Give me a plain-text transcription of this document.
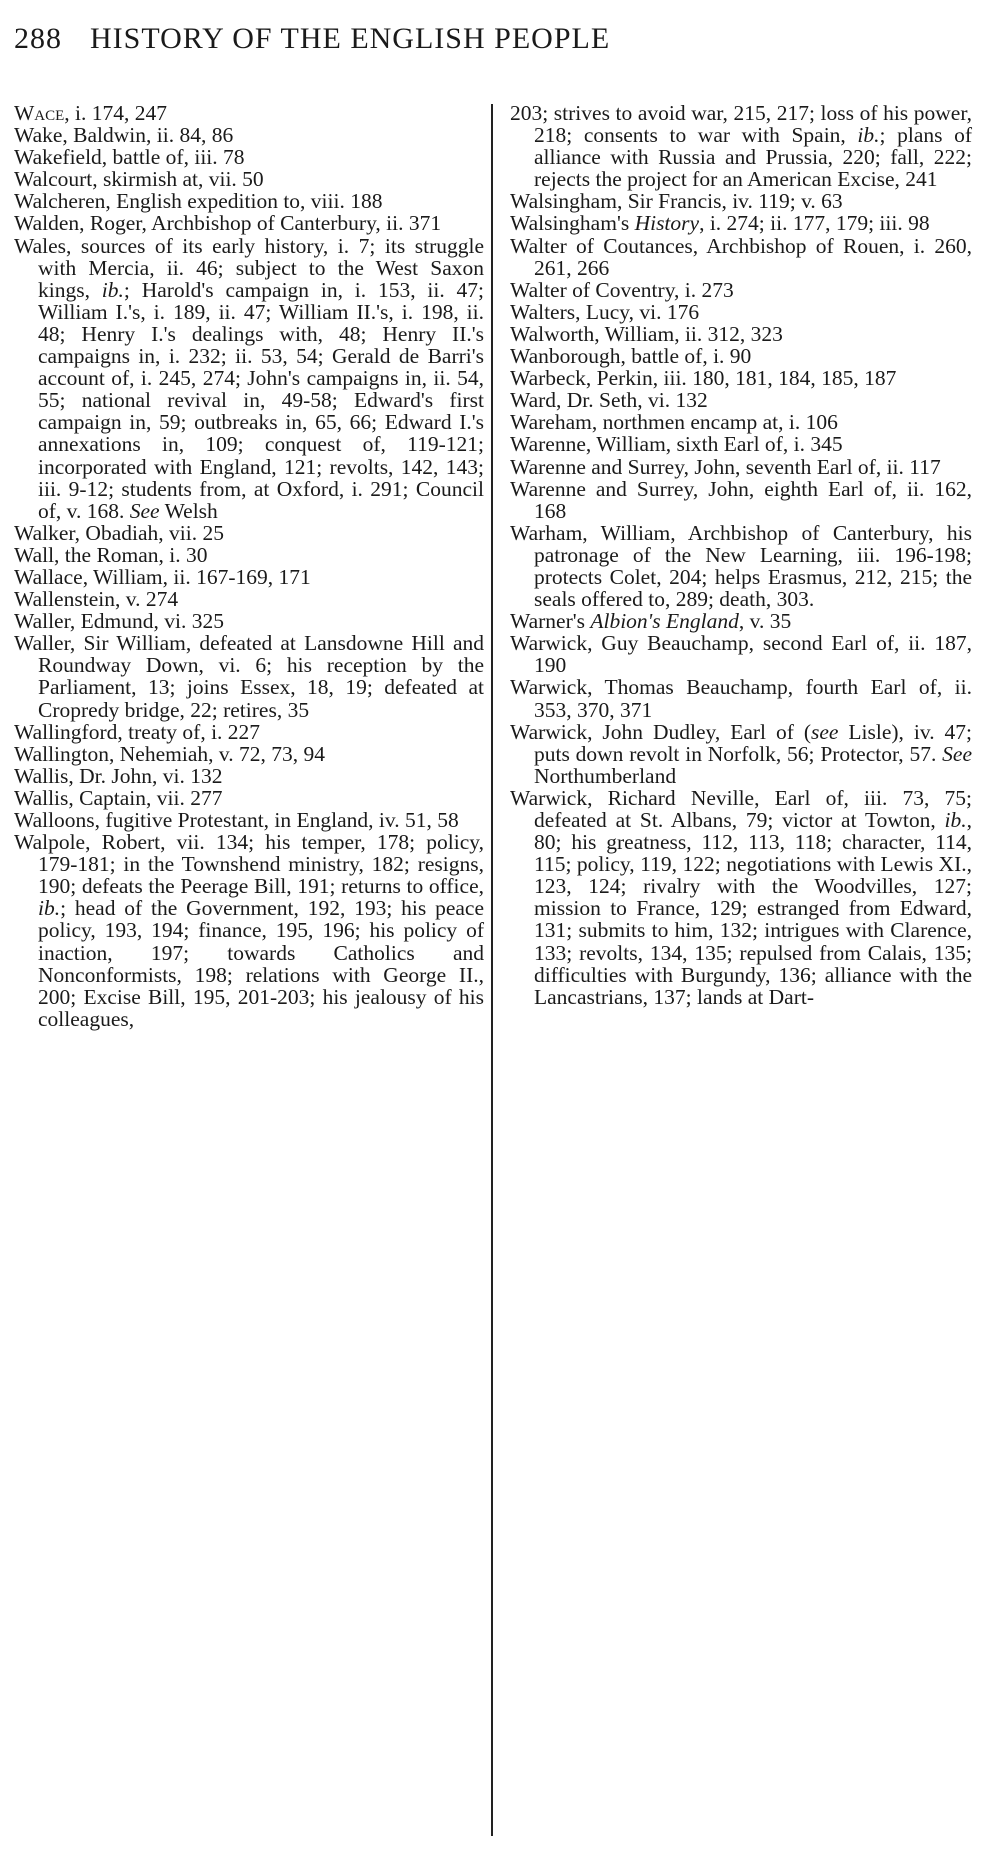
288 HISTORY OF THE ENGLISH PEOPLE

Wace, i. 174, 247

Wake, Baldwin, ii. 84, 86

Wakefield, battle of, iii. 78

Walcourt, skirmish at, vii. 50

Walcheren, English expedition to, viii. 188

Walden, Roger, Archbishop of Canterbury, ii. 371

Wales, sources of its early history, i. 7; its struggle with Mercia, ii. 46; subject to the West Saxon kings, ib.; Harold's campaign in, i. 153, ii. 47; William I.'s, i. 189, ii. 47; William II.'s, i. 198, ii. 48; Henry I.'s dealings with, 48; Henry II.'s campaigns in, i. 232; ii. 53, 54; Gerald de Barri's account of, i. 245, 274; John's campaigns in, ii. 54, 55; national revival in, 49-58; Edward's first campaign in, 59; outbreaks in, 65, 66; Edward I.'s annexations in, 109; conquest of, 119-121; incorporated with England, 121; revolts, 142, 143; iii. 9-12; students from, at Oxford, i. 291; Council of, v. 168. See Welsh

Walker, Obadiah, vii. 25

Wall, the Roman, i. 30

Wallace, William, ii. 167-169, 171

Wallenstein, v. 274

Waller, Edmund, vi. 325

Waller, Sir William, defeated at Lansdowne Hill and Roundway Down, vi. 6; his reception by the Parliament, 13; joins Essex, 18, 19; defeated at Cropredy bridge, 22; retires, 35

Wallingford, treaty of, i. 227

Wallington, Nehemiah, v. 72, 73, 94

Wallis, Dr. John, vi. 132

Wallis, Captain, vii. 277

Walloons, fugitive Protestant, in England, iv. 51, 58

Walpole, Robert, vii. 134; his temper, 178; policy, 179-181; in the Townshend ministry, 182; resigns, 190; defeats the Peerage Bill, 191; returns to office, ib.; head of the Government, 192, 193; his peace policy, 193, 194; finance, 195, 196; his policy of inaction, 197; towards Catholics and Nonconformists, 198; relations with George II., 200; Excise Bill, 195, 201-203; his jealousy of his colleagues,

203; strives to avoid war, 215, 217; loss of his power, 218; consents to war with Spain, ib.; plans of alliance with Russia and Prussia, 220; fall, 222; rejects the project for an American Excise, 241

Walsingham, Sir Francis, iv. 119; v. 63

Walsingham's History, i. 274; ii. 177, 179; iii. 98

Walter of Coutances, Archbishop of Rouen, i. 260, 261, 266

Walter of Coventry, i. 273

Walters, Lucy, vi. 176

Walworth, William, ii. 312, 323

Wanborough, battle of, i. 90

Warbeck, Perkin, iii. 180, 181, 184, 185, 187

Ward, Dr. Seth, vi. 132

Wareham, northmen encamp at, i. 106

Warenne, William, sixth Earl of, i. 345

Warenne and Surrey, John, seventh Earl of, ii. 117

Warenne and Surrey, John, eighth Earl of, ii. 162, 168

Warham, William, Archbishop of Canterbury, his patronage of the New Learning, iii. 196-198; protects Colet, 204; helps Erasmus, 212, 215; the seals offered to, 289; death, 303.

Warner's Albion's England, v. 35

Warwick, Guy Beauchamp, second Earl of, ii. 187, 190

Warwick, Thomas Beauchamp, fourth Earl of, ii. 353, 370, 371

Warwick, John Dudley, Earl of (see Lisle), iv. 47; puts down revolt in Norfolk, 56; Protector, 57. See Northumberland

Warwick, Richard Neville, Earl of, iii. 73, 75; defeated at St. Albans, 79; victor at Towton, ib., 80; his greatness, 112, 113, 118; character, 114, 115; policy, 119, 122; negotiations with Lewis XI., 123, 124; rivalry with the Woodvilles, 127; mission to France, 129; estranged from Edward, 131; submits to him, 132; intrigues with Clarence, 133; revolts, 134, 135; repulsed from Calais, 135; difficulties with Burgundy, 136; alliance with the Lancastrians, 137; lands at Dart-
